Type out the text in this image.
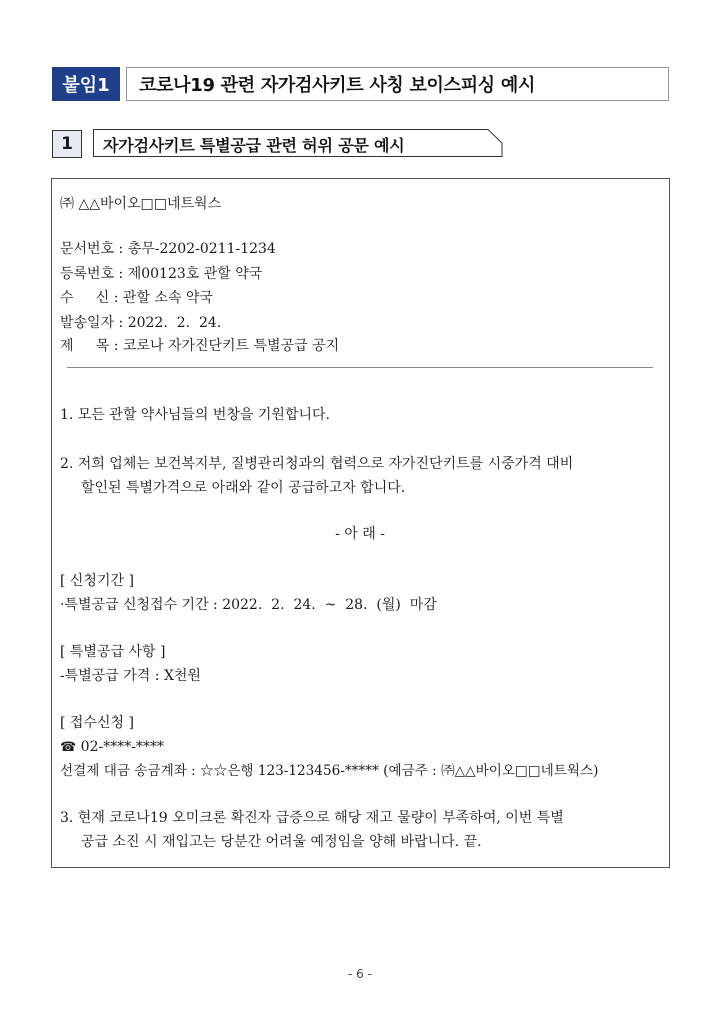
붙임1	코로나19 관련 자가검사키트 사칭 보이스피싱 예시
1	자가검사키트 특별공급 관련 허위 공문 예시
㈜ △△바이오□□네트웍스
문서번호 : 총무-2202-0211-1234
등록번호 : 제00123호 관할 약국
수     신 : 관할 소속 약국
발송일자 : 2022.  2.  24.
제     목 : 코로나 자가진단키트 특별공급 공지
1. 모든 관할 약사님들의 번창을 기원합니다.
2. 저희 업체는 보건복지부, 질병관리청과의 협력으로 자가진단키트를 시중가격 대비
할인된 특별가격으로 아래와 같이 공급하고자 합니다.
- 아 래 -
[ 신청기간 ]
·특별공급 신청접수 기간 : 2022.  2.  24.  ~  28.  (월)  마감
[ 특별공급 사항 ]
-특별공급 가격 : X천원
[ 접수신청 ]
☎ 02-****-****
선결제 대금 송금계좌 : ☆☆은행 123-123456-***** (예금주 : ㈜△△바이오□□네트웍스)
3. 현재 코로나19 오미크론 확진자 급증으로 해당 재고 물량이 부족하여, 이번 특별
공급 소진 시 재입고는 당분간 어려울 예정임을 양해 바랍니다. 끝.
- 6 -
